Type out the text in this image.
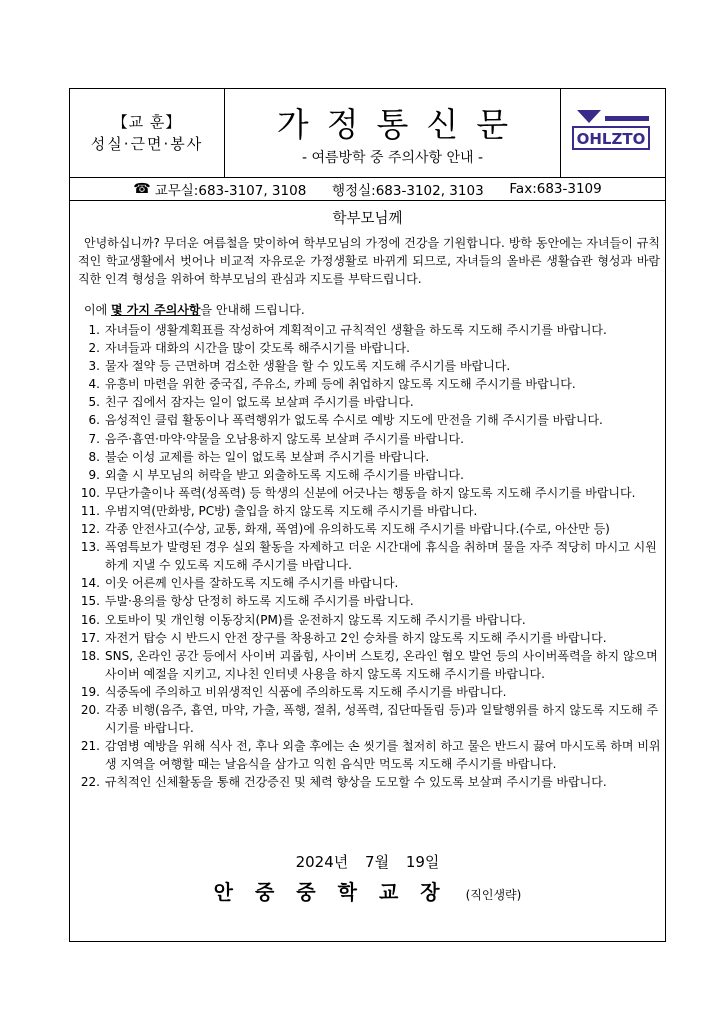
【교 훈】
성실·근면·봉사	가정통신문
- 여름방학 중 주의사항 안내 -
OHLZTO
☎ 교무실:683-3107, 3108
행정실:683-3102, 3103
Fax:683-3109
학부모님께
안녕하십니까? 무더운 여름철을 맞이하여 학부모님의 가정에 건강을 기원합니다. 방학 동안에는 자녀들이 규칙적인 학교생활에서 벗어나 비교적 자유로운 가정생활로 바뀌게 되므로, 자녀들의 올바른 생활습관 형성과 바람직한 인격 형성을 위하여 학부모님의 관심과 지도를 부탁드립니다.
이에 몇 가지 주의사항을 안내해 드립니다.
1. 자녀들이 생활계획표를 작성하여 계획적이고 규칙적인 생활을 하도록 지도해 주시기를 바랍니다.
2. 자녀들과 대화의 시간을 많이 갖도록 해주시기를 바랍니다.
3. 물자 절약 등 근면하며 검소한 생활을 할 수 있도록 지도해 주시기를 바랍니다.
4. 유흥비 마련을 위한 중국집, 주유소, 카페 등에 취업하지 않도록 지도해 주시기를 바랍니다.
5. 친구 집에서 잠자는 일이 없도록 보살펴 주시기를 바랍니다.
6. 음성적인 클럽 활동이나 폭력행위가 없도록 수시로 예방 지도에 만전을 기해 주시기를 바랍니다.
7. 음주·흡연·마약·약물을 오남용하지 않도록 보살펴 주시기를 바랍니다.
8. 불순 이성 교제를 하는 일이 없도록 보살펴 주시기를 바랍니다.
9. 외출 시 부모님의 허락을 받고 외출하도록 지도해 주시기를 바랍니다.
10. 무단가출이나 폭력(성폭력) 등 학생의 신분에 어긋나는 행동을 하지 않도록 지도해 주시기를 바랍니다.
11. 우범지역(만화방, PC방) 출입을 하지 않도록 지도해 주시기를 바랍니다.
12. 각종 안전사고(수상, 교통, 화재, 폭염)에 유의하도록 지도해 주시기를 바랍니다.(수로, 아산만 등)
13. 폭염특보가 발령된 경우 실외 활동을 자제하고 더운 시간대에 휴식을 취하며 물을 자주 적당히 마시고 시원하게 지낼 수 있도록 지도해 주시기를 바랍니다.
14. 이웃 어른께 인사를 잘하도록 지도해 주시기를 바랍니다.
15. 두발·용의를 항상 단정히 하도록 지도해 주시기를 바랍니다.
16. 오토바이 및 개인형 이동장치(PM)를 운전하지 않도록 지도해 주시기를 바랍니다.
17. 자전거 탑승 시 반드시 안전 장구를 착용하고 2인 승차를 하지 않도록 지도해 주시기를 바랍니다.
18. SNS, 온라인 공간 등에서 사이버 괴롭힘, 사이버 스토킹, 온라인 혐오 발언 등의 사이버폭력을 하지 않으며 사이버 예절을 지키고, 지나친 인터넷 사용을 하지 않도록 지도해 주시기를 바랍니다.
19. 식중독에 주의하고 비위생적인 식품에 주의하도록 지도해 주시기를 바랍니다.
20. 각종 비행(음주, 흡연, 마약, 가출, 폭행, 절취, 성폭력, 집단따돌림 등)과 일탈행위를 하지 않도록 지도해 주시기를 바랍니다.
21. 감염병 예방을 위해 식사 전, 후나 외출 후에는 손 씻기를 철저히 하고 물은 반드시 끓여 마시도록 하며 비위생 지역을 여행할 때는 날음식을 삼가고 익힌 음식만 먹도록 지도해 주시기를 바랍니다.
22. 규칙적인 신체활동을 통해 건강증진 및 체력 향상을 도모할 수 있도록 보살펴 주시기를 바랍니다.
2024년 7월 19일
안중중학교장 (직인생략)
